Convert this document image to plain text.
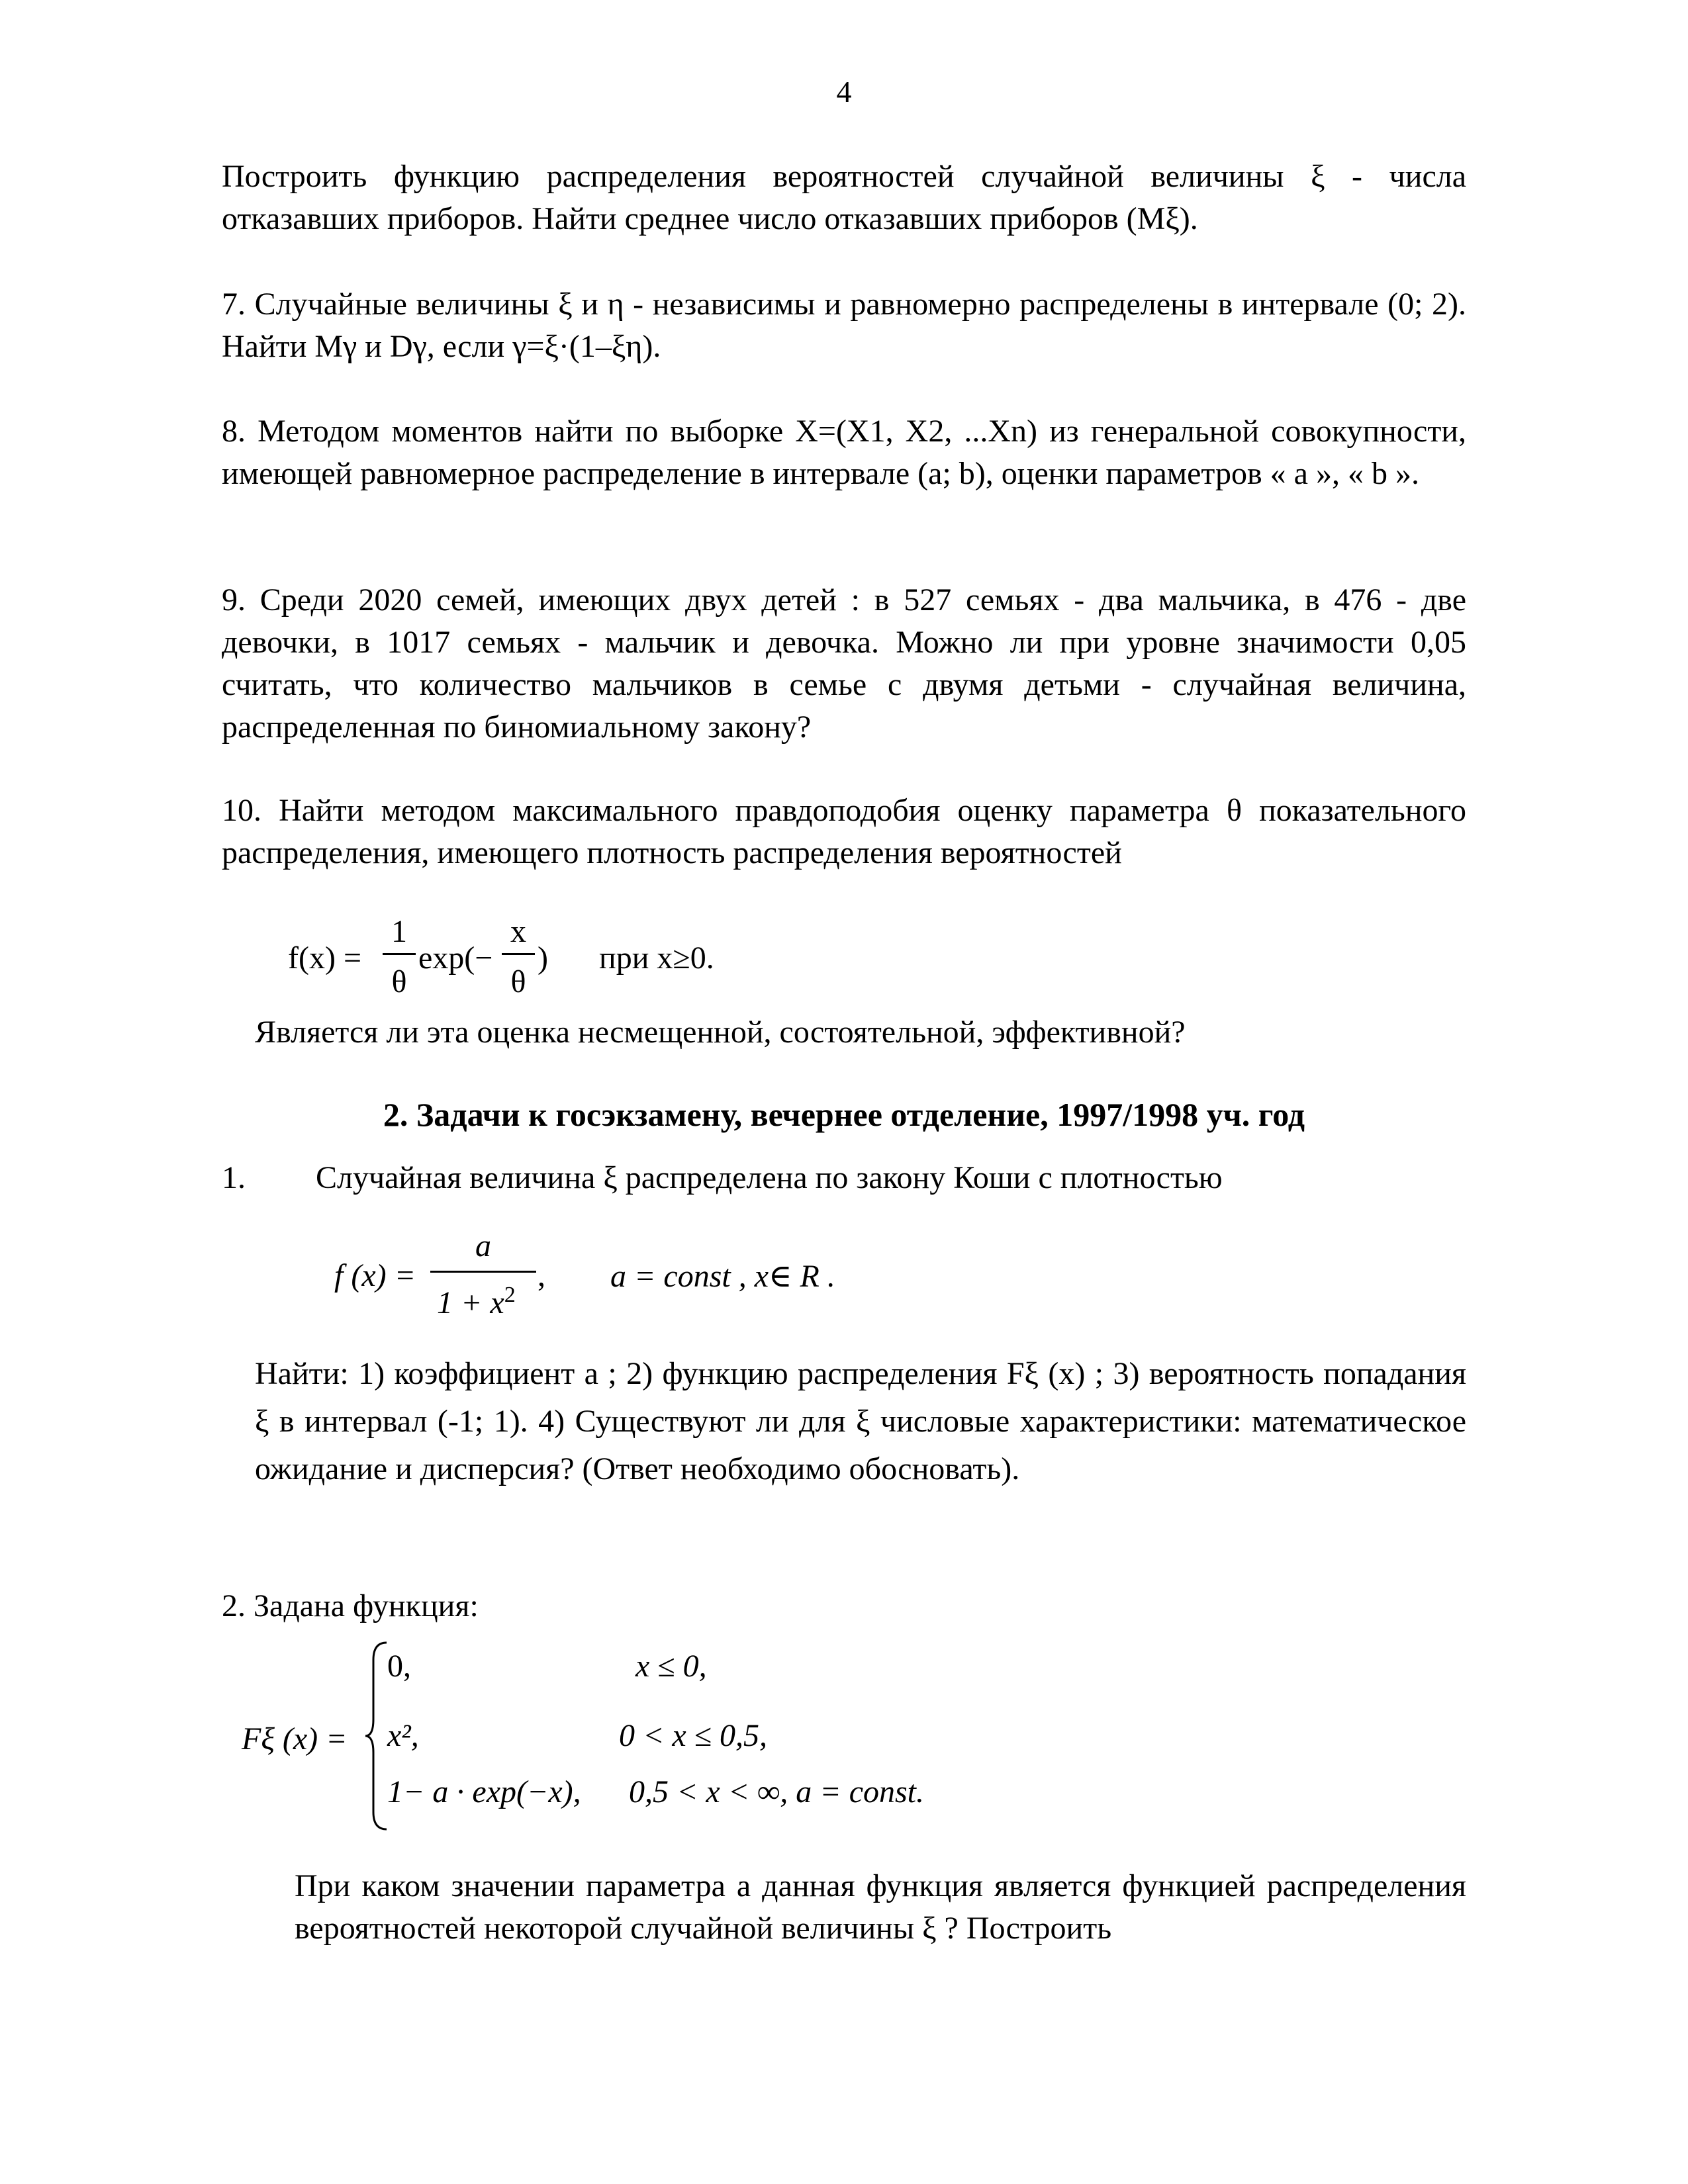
4
Построить функцию распределения вероятностей случайной величины ξ - числа отказавших приборов. Найти среднее число отказавших приборов (Mξ).
7. Случайные величины ξ и η - независимы и равномерно распределены в интервале (0; 2). Найти Mγ и Dγ, если γ=ξ·(1–ξη).
8. Методом моментов найти по выборке X=(X1, X2, ...Xn) из генеральной совокупности, имеющей равномерное распределение в интервале (a; b), оценки параметров « a », « b ».
9. Среди 2020 семей, имеющих двух детей : в 527 семьях - два мальчика, в 476 - две девочки, в 1017 семьях - мальчик и девочка. Можно ли при уровне значимости 0,05 считать, что количество мальчиков в семье с двумя детьми - случайная величина, распределенная по биномиальному закону?
10. Найти методом максимального правдоподобия оценку параметра θ показательного распределения, имеющего плотность распределения вероятностей
f(x) =
1
θ
exp(−
x
θ
) при x≥0.
Является ли эта оценка несмещенной, состоятельной, эффективной?
2. Задачи к госэкзамену, вечернее отделение, 1997/1998 уч. год
1. Случайная величина ξ распределена по закону Коши с плотностью
f (x) =
a
$1 + x^2$
, a = const , x∈ R .
Найти: 1) коэффициент a ; 2) функцию распределения Fξ (x) ; 3) вероятность попадания ξ в интервал (-1; 1). 4) Существуют ли для ξ числовые характеристики: математическое ожидание и дисперсия? (Ответ необходимо обосновать).
2. Задана функция:
Fξ (x) =
0,	x ≤ 0,
x²,	0 < x ≤ 0,5,
1− a · exp(−x), 0,5 < x < ∞, a = const.
При каком значении параметра a данная функция является функцией распределения вероятностей некоторой случайной величины ξ ? Построить
